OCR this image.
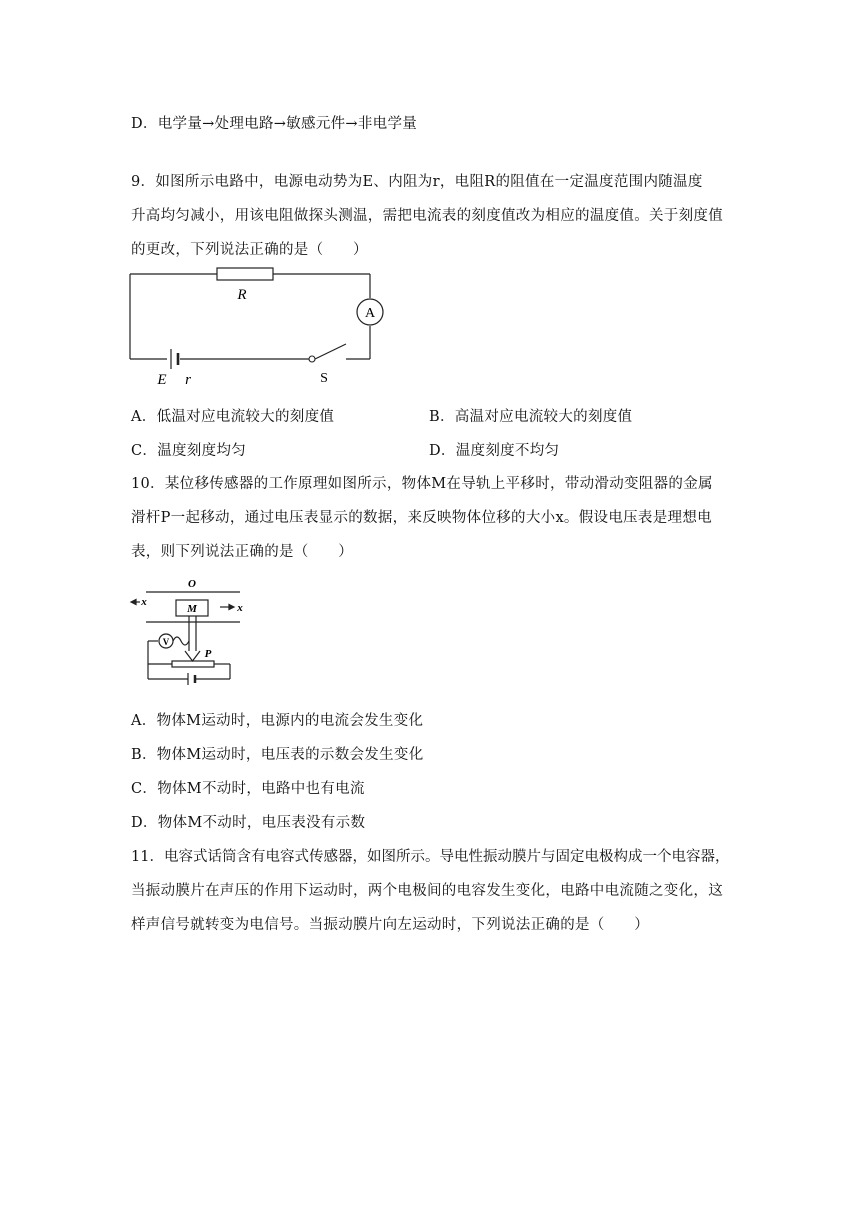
D．电学量→处理电路→敏感元件→非电学量
9．如图所示电路中，电源电动势为E、内阻为r，电阻R的阻值在一定温度范围内随温度
升高均匀减小，用该电阻做探头测温，需把电流表的刻度值改为相应的温度值。关于刻度值
的更改，下列说法正确的是（　　）
R
A
E r	S
A．低温对应电流较大的刻度值	B．高温对应电流较大的刻度值
C．温度刻度均匀	D．温度刻度不均匀
10．某位移传感器的工作原理如图所示，物体M在导轨上平移时，带动滑动变阻器的金属
滑杆P一起移动，通过电压表显示的数据，来反映物体位移的大小x。假设电压表是理想电
表，则下列说法正确的是（　　）
O
x	x
M
V
P
A．物体M运动时，电源内的电流会发生变化
B．物体M运动时，电压表的示数会发生变化
C．物体M不动时，电路中也有电流
D．物体M不动时，电压表没有示数
11．电容式话筒含有电容式传感器，如图所示。导电性振动膜片与固定电极构成一个电容器，
当振动膜片在声压的作用下运动时，两个电极间的电容发生变化，电路中电流随之变化，这
样声信号就转变为电信号。当振动膜片向左运动时，下列说法正确的是（　　）
